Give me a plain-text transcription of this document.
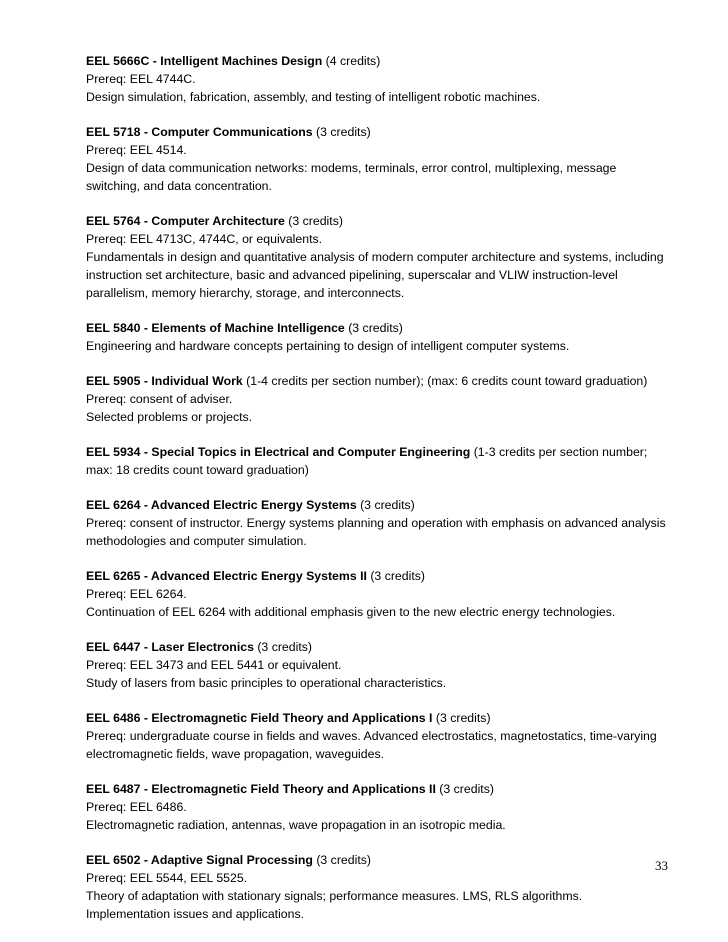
EEL 5666C - Intelligent Machines Design (4 credits)
Prereq: EEL 4744C.
Design simulation, fabrication, assembly, and testing of intelligent robotic machines.
EEL 5718 - Computer Communications (3 credits)
Prereq: EEL 4514.
Design of data communication networks: modems, terminals, error control, multiplexing, message switching, and data concentration.
EEL 5764 - Computer Architecture (3 credits)
Prereq: EEL 4713C, 4744C, or equivalents.
Fundamentals in design and quantitative analysis of modern computer architecture and systems, including instruction set architecture, basic and advanced pipelining, superscalar and VLIW instruction-level parallelism, memory hierarchy, storage, and interconnects.
EEL 5840 - Elements of Machine Intelligence (3 credits)
Engineering and hardware concepts pertaining to design of intelligent computer systems.
EEL 5905 - Individual Work (1-4 credits per section number); (max: 6 credits count toward graduation)
Prereq: consent of adviser.
Selected problems or projects.
EEL 5934 - Special Topics in Electrical and Computer Engineering (1-3 credits per section number; max: 18 credits count toward graduation)
EEL 6264 - Advanced Electric Energy Systems (3 credits)
Prereq: consent of instructor. Energy systems planning and operation with emphasis on advanced analysis methodologies and computer simulation.
EEL 6265 - Advanced Electric Energy Systems II (3 credits)
Prereq: EEL 6264.
Continuation of EEL 6264 with additional emphasis given to the new electric energy technologies.
EEL 6447 - Laser Electronics (3 credits)
Prereq: EEL 3473 and EEL 5441 or equivalent.
Study of lasers from basic principles to operational characteristics.
EEL 6486 - Electromagnetic Field Theory and Applications I (3 credits)
Prereq: undergraduate course in fields and waves. Advanced electrostatics, magnetostatics, time-varying electromagnetic fields, wave propagation, waveguides.
EEL 6487 - Electromagnetic Field Theory and Applications II (3 credits)
Prereq: EEL 6486.
Electromagnetic radiation, antennas, wave propagation in an isotropic media.
EEL 6502 - Adaptive Signal Processing (3 credits)
Prereq: EEL 5544, EEL 5525.
Theory of adaptation with stationary signals; performance measures. LMS, RLS algorithms. Implementation issues and applications.
33
